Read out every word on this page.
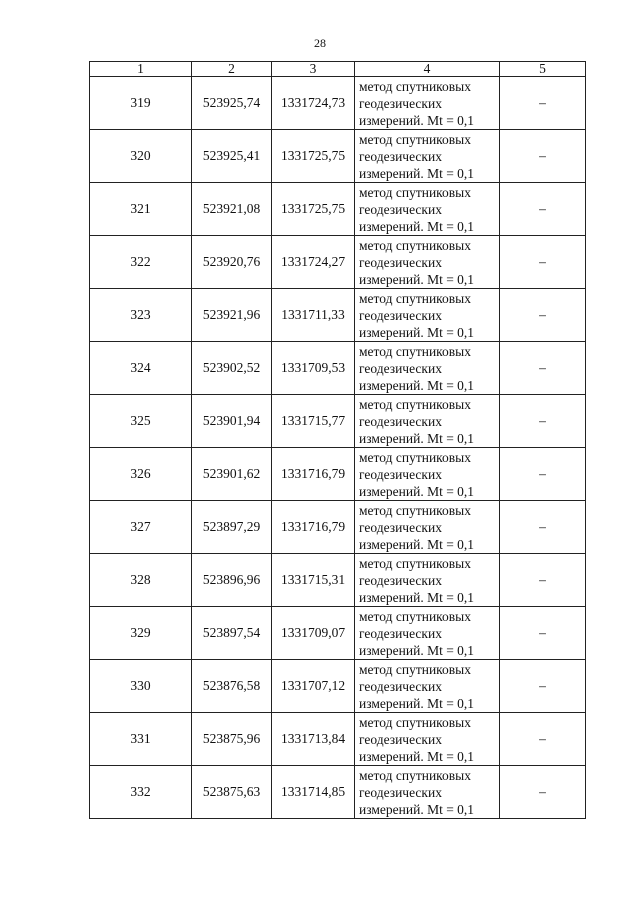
28
1	2	3	4	5
319	523925,74	1331724,73	метод спутниковых
геодезических
измерений. Mt = 0,1	–
320	523925,41	1331725,75	метод спутниковых
геодезических
измерений. Mt = 0,1	–
321	523921,08	1331725,75	метод спутниковых
геодезических
измерений. Mt = 0,1	–
322	523920,76	1331724,27	метод спутниковых
геодезических
измерений. Mt = 0,1	–
323	523921,96	1331711,33	метод спутниковых
геодезических
измерений. Mt = 0,1	–
324	523902,52	1331709,53	метод спутниковых
геодезических
измерений. Mt = 0,1	–
325	523901,94	1331715,77	метод спутниковых
геодезических
измерений. Mt = 0,1	–
326	523901,62	1331716,79	метод спутниковых
геодезических
измерений. Mt = 0,1	–
327	523897,29	1331716,79	метод спутниковых
геодезических
измерений. Mt = 0,1	–
328	523896,96	1331715,31	метод спутниковых
геодезических
измерений. Mt = 0,1	–
329	523897,54	1331709,07	метод спутниковых
геодезических
измерений. Mt = 0,1	–
330	523876,58	1331707,12	метод спутниковых
геодезических
измерений. Mt = 0,1	–
331	523875,96	1331713,84	метод спутниковых
геодезических
измерений. Mt = 0,1	–
332	523875,63	1331714,85	метод спутниковых
геодезических
измерений. Mt = 0,1	–
